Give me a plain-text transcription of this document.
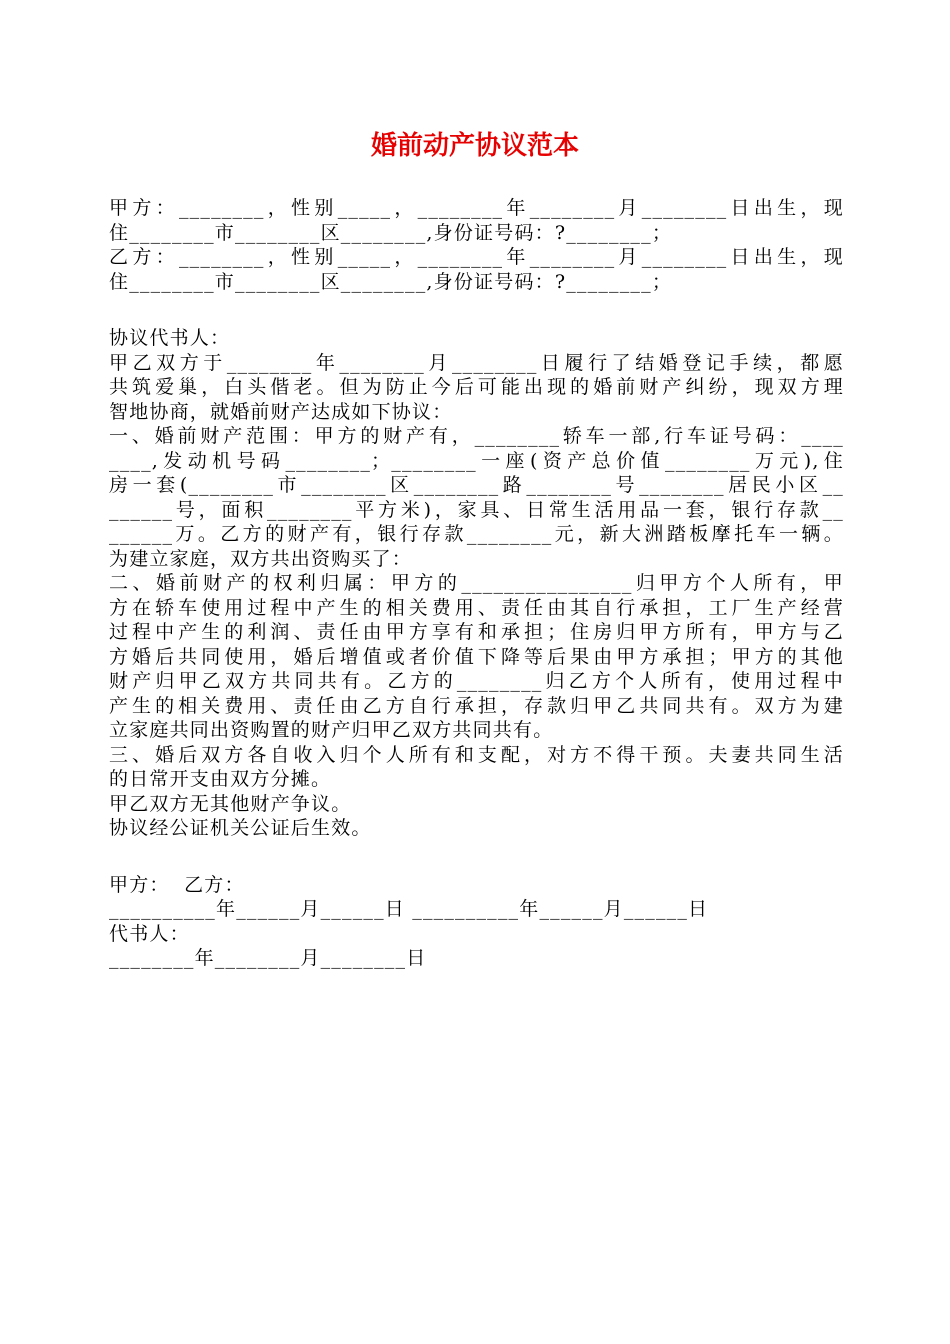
婚前动产协议范本
甲方：________，性别_____，________年________月________日出生，现
住________市________区________,身份证号码：?________；
乙方：________，性别_____，________年________月________日出生，现
住________市________区________,身份证号码：?________；
协议代书人：
甲乙双方于________年________月________日履行了结婚登记手续，都愿
共筑爱巢，白头偕老。但为防止今后可能出现的婚前财产纠纷，现双方理
智地协商，就婚前财产达成如下协议：
一、婚前财产范围：甲方的财产有，________轿车一部,行车证号码：____
____,发动机号码________；________一座(资产总价值________万元),住
房一套(________市________区________路________号________居民小区__
______号，面积________平方米)，家具、日常生活用品一套，银行存款__
______万。乙方的财产有，银行存款________元，新大洲踏板摩托车一辆。
为建立家庭，双方共出资购买了：
二、婚前财产的权利归属：甲方的________________归甲方个人所有，甲
方在轿车使用过程中产生的相关费用、责任由其自行承担，工厂生产经营
过程中产生的利润、责任由甲方享有和承担；住房归甲方所有，甲方与乙
方婚后共同使用，婚后增值或者价值下降等后果由甲方承担；甲方的其他
财产归甲乙双方共同共有。乙方的________归乙方个人所有，使用过程中
产生的相关费用、责任由乙方自行承担，存款归甲乙共同共有。双方为建
立家庭共同出资购置的财产归甲乙双方共同共有。
三、婚后双方各自收入归个人所有和支配，对方不得干预。夫妻共同生活
的日常开支由双方分摊。
甲乙双方无其他财产争议。
协议经公证机关公证后生效。
甲方：  乙方：
__________年______月______日 __________年______月______日
代书人：
________年________月________日
